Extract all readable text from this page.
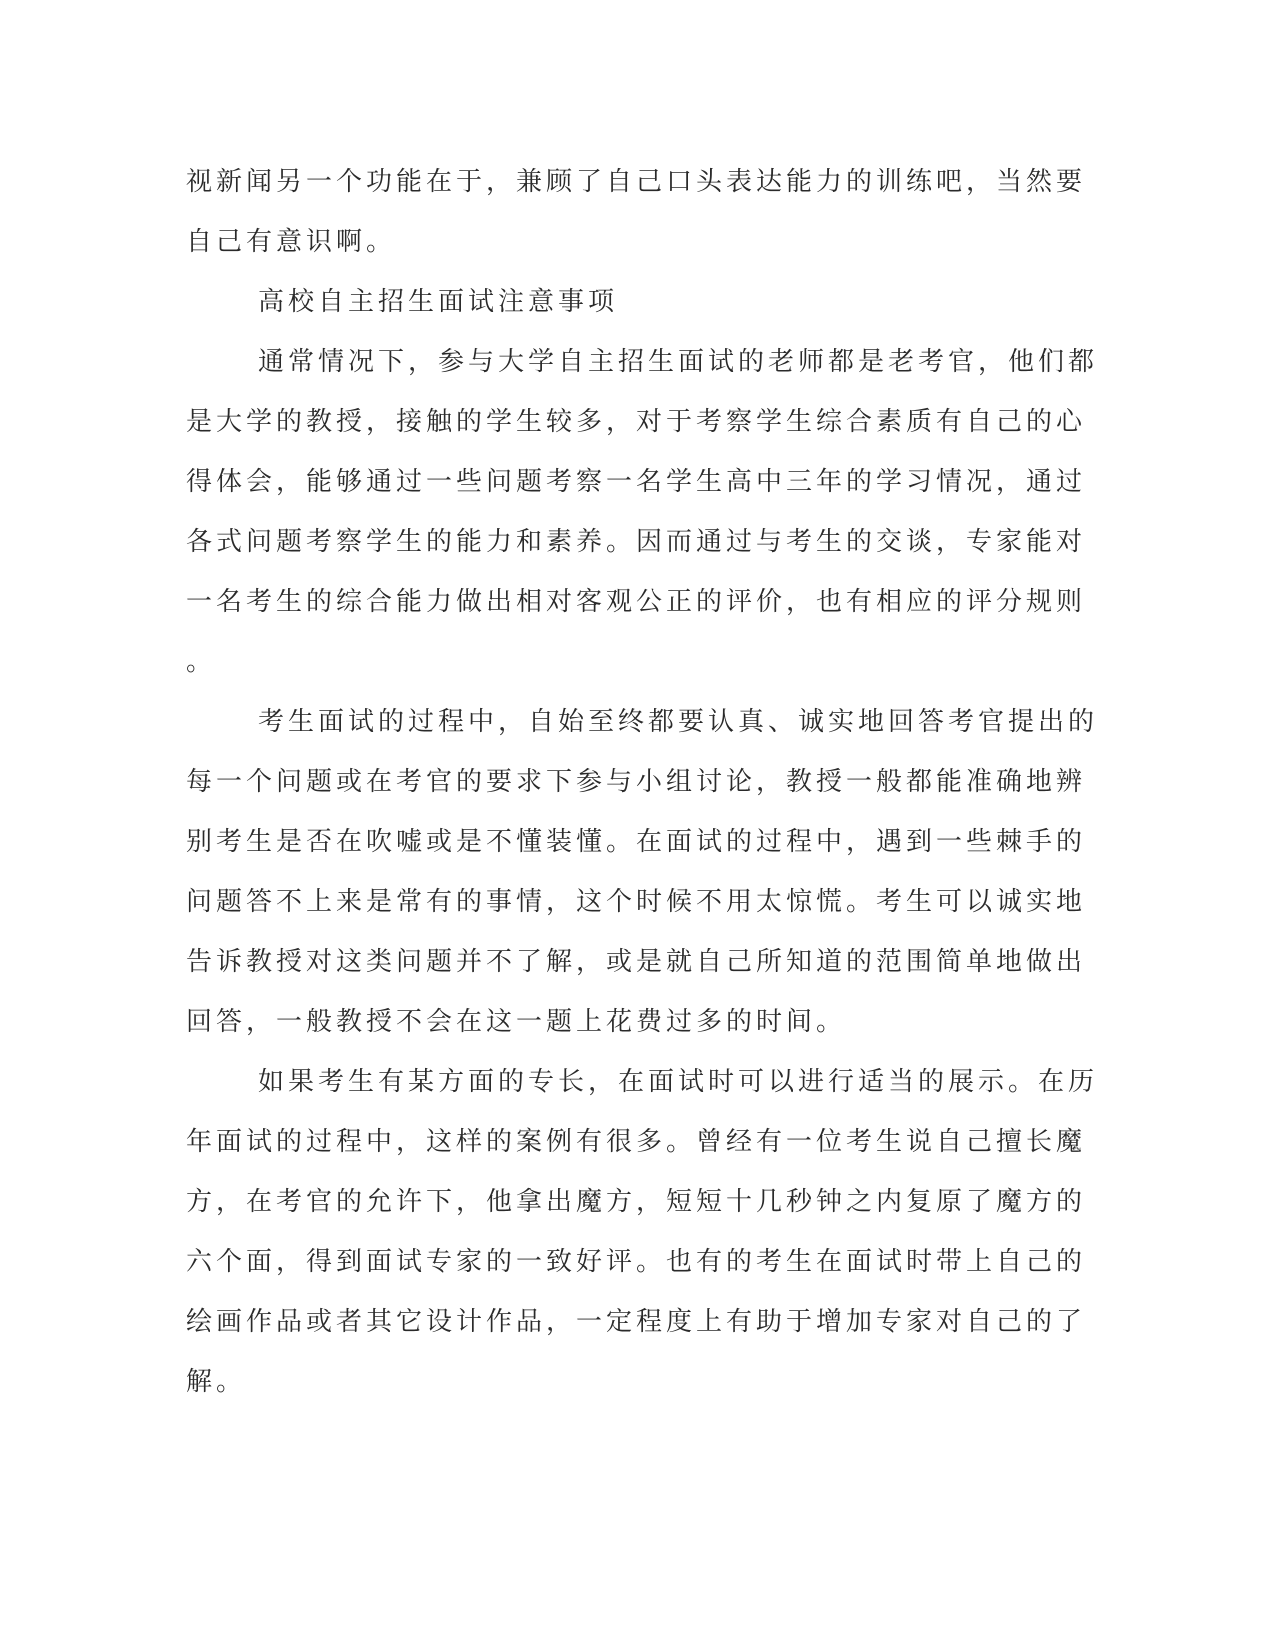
视新闻另一个功能在于，兼顾了自己口头表达能力的训练吧，当然要
自己有意识啊。
高校自主招生面试注意事项
通常情况下，参与大学自主招生面试的老师都是老考官，他们都
是大学的教授，接触的学生较多，对于考察学生综合素质有自己的心
得体会，能够通过一些问题考察一名学生高中三年的学习情况，通过
各式问题考察学生的能力和素养。因而通过与考生的交谈，专家能对
一名考生的综合能力做出相对客观公正的评价，也有相应的评分规则
。
考生面试的过程中，自始至终都要认真、诚实地回答考官提出的
每一个问题或在考官的要求下参与小组讨论，教授一般都能准确地辨
别考生是否在吹嘘或是不懂装懂。在面试的过程中，遇到一些棘手的
问题答不上来是常有的事情，这个时候不用太惊慌。考生可以诚实地
告诉教授对这类问题并不了解，或是就自己所知道的范围简单地做出
回答，一般教授不会在这一题上花费过多的时间。
如果考生有某方面的专长，在面试时可以进行适当的展示。在历
年面试的过程中，这样的案例有很多。曾经有一位考生说自己擅长魔
方，在考官的允许下，他拿出魔方，短短十几秒钟之内复原了魔方的
六个面，得到面试专家的一致好评。也有的考生在面试时带上自己的
绘画作品或者其它设计作品，一定程度上有助于增加专家对自己的了
解。
